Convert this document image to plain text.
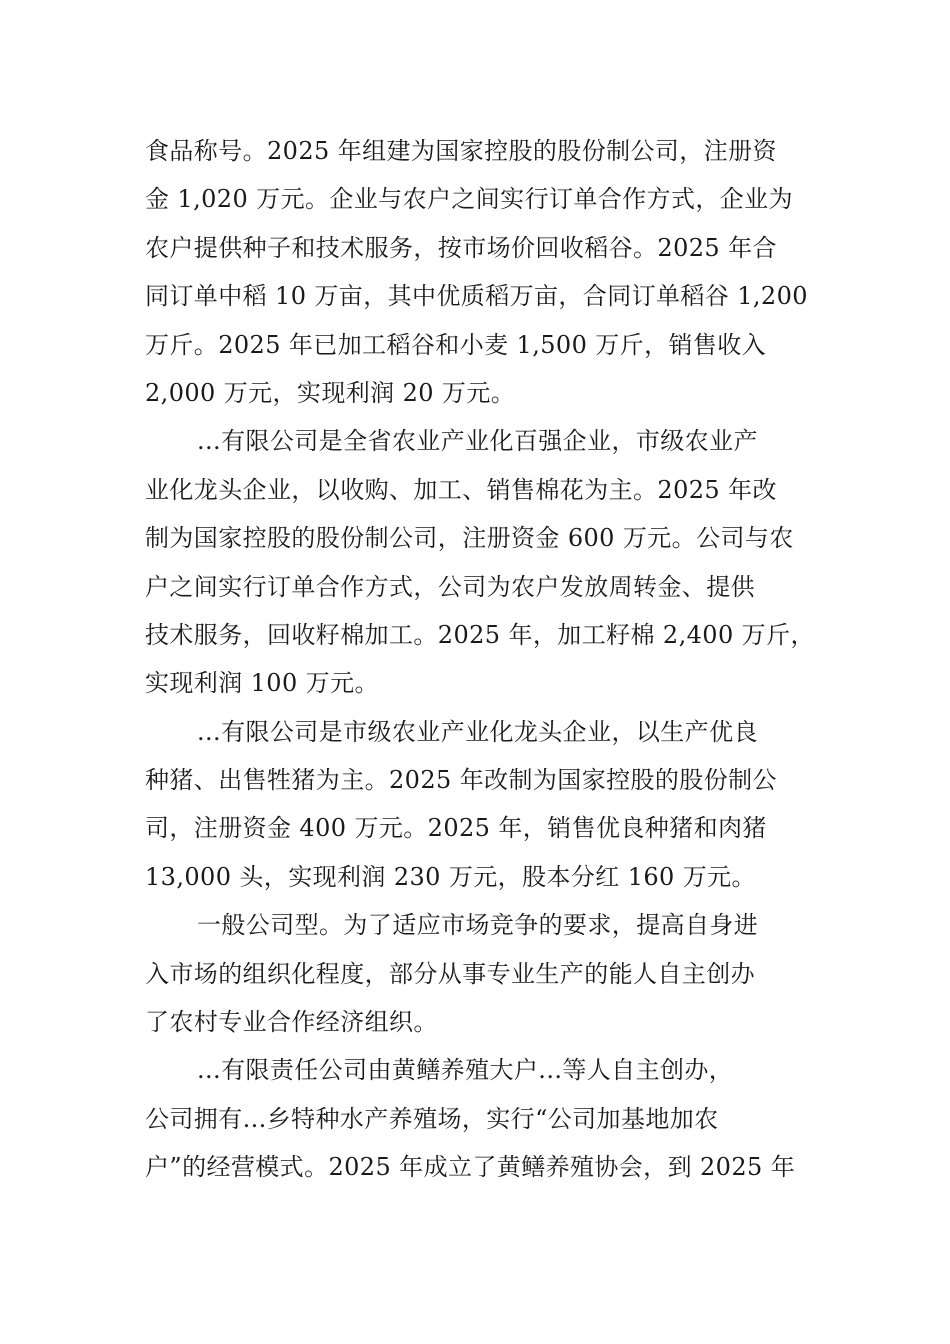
食品称号。2025 年组建为国家控股的股份制公司，注册资
金 1,020 万元。企业与农户之间实行订单合作方式，企业为
农户提供种子和技术服务，按市场价回收稻谷。2025 年合
同订单中稻 10 万亩，其中优质稻万亩，合同订单稻谷 1,200
万斤。2025 年已加工稻谷和小麦 1,500 万斤，销售收入
2,000 万元，实现利润 20 万元。
...有限公司是全省农业产业化百强企业，市级农业产
业化龙头企业，以收购、加工、销售棉花为主。2025 年改
制为国家控股的股份制公司，注册资金 600 万元。公司与农
户之间实行订单合作方式，公司为农户发放周转金、提供
技术服务，回收籽棉加工。2025 年，加工籽棉 2,400 万斤，
实现利润 100 万元。
...有限公司是市级农业产业化龙头企业，以生产优良
种猪、出售牲猪为主。2025 年改制为国家控股的股份制公
司，注册资金 400 万元。2025 年，销售优良种猪和肉猪
13,000 头，实现利润 230 万元，股本分红 160 万元。
一般公司型。为了适应市场竞争的要求，提高自身进
入市场的组织化程度，部分从事专业生产的能人自主创办
了农村专业合作经济组织。
...有限责任公司由黄鳝养殖大户...等人自主创办，
公司拥有...乡特种水产养殖场，实行“公司加基地加农
户”的经营模式。2025 年成立了黄鳝养殖协会，到 2025 年
